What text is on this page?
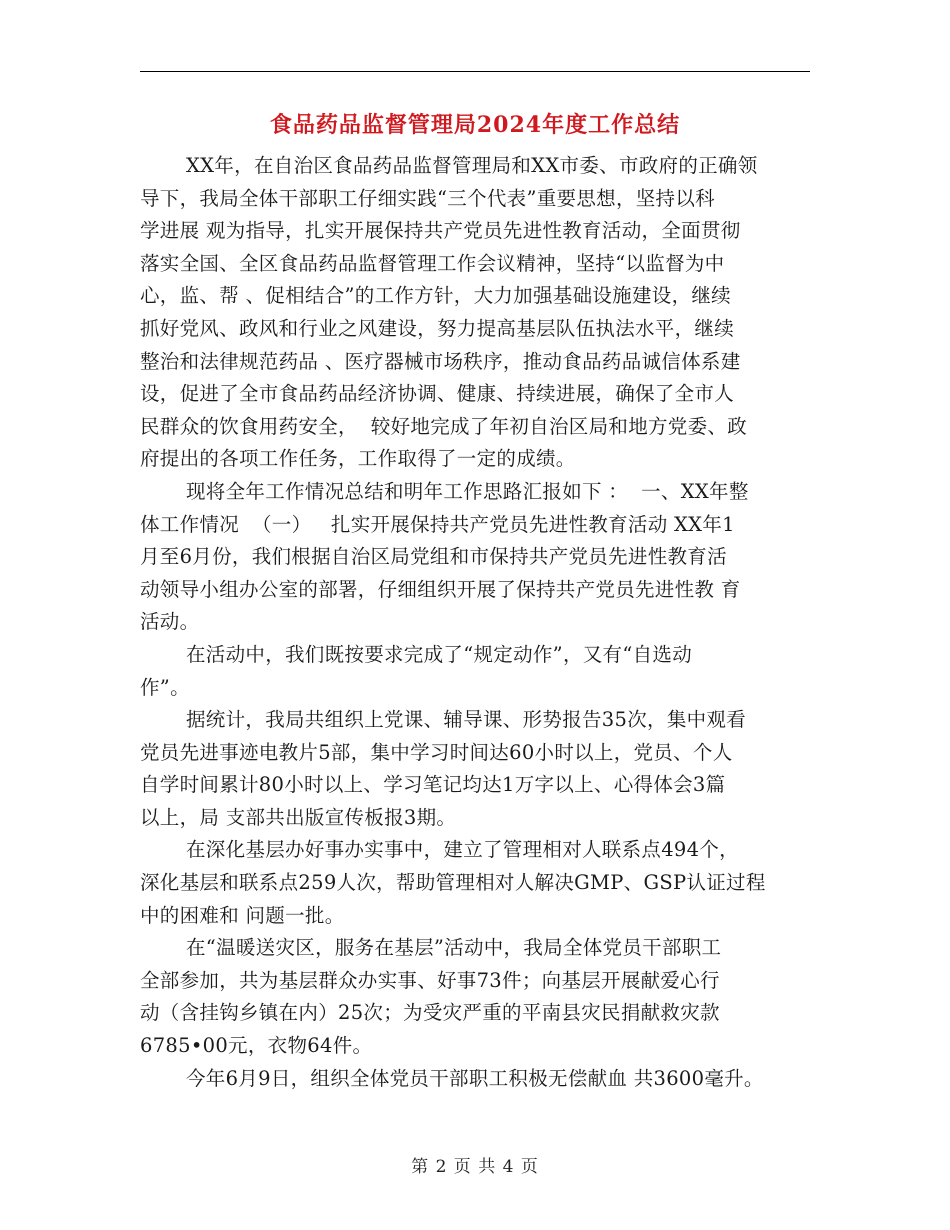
食品药品监督管理局2024年度工作总结
XX年，在自治区食品药品监督管理局和XX市委、市政府的正确领
导下，我局全体干部职工仔细实践“三个代表”重要思想，坚持以科
学进展 观为指导，扎实开展保持共产党员先进性教育活动，全面贯彻
落实全国、全区食品药品监督管理工作会议精神，坚持“以监督为中
心，监、帮 、促相结合”的工作方针，大力加强基础设施建设，继续
抓好党风、政风和行业之风建设，努力提高基层队伍执法水平，继续
整治和法律规范药品 、医疗器械市场秩序，推动食品药品诚信体系建
设，促进了全市食品药品经济协调、健康、持续进展，确保了全市人
民群众的饮食用药安全，  较好地完成了年初自治区局和地方党委、政
府提出的各项工作任务，工作取得了一定的成绩。
现将全年工作情况总结和明年工作思路汇报如下 ：  一、XX年整
体工作情况  （一）   扎实开展保持共产党员先进性教育活动 XX年1
月至6月份，我们根据自治区局党组和市保持共产党员先进性教育活
动领导小组办公室的部署，仔细组织开展了保持共产党员先进性教 育
活动。
在活动中，我们既按要求完成了“规定动作”，又有“自选动
作”。
据统计，我局共组织上党课、辅导课、形势报告35次，集中观看
党员先进事迹电教片5部，集中学习时间达60小时以上，党员、个人
自学时间累计80小时以上、学习笔记均达1万字以上、心得体会3篇
以上，局 支部共出版宣传板报3期。
在深化基层办好事办实事中，建立了管理相对人联系点494个，
深化基层和联系点259人次，帮助管理相对人解决GMP、GSP认证过程
中的困难和 问题一批。
在“温暖送灾区，服务在基层”活动中，我局全体党员干部职工
全部参加，共为基层群众办实事、好事73件；向基层开展献爱心行
动（含挂钩乡镇在内）25次；为受灾严重的平南县灾民捐献救灾款
6785•00元，衣物64件。
今年6月9日，组织全体党员干部职工积极无偿献血 共3600毫升。
第 2 页 共 4 页
